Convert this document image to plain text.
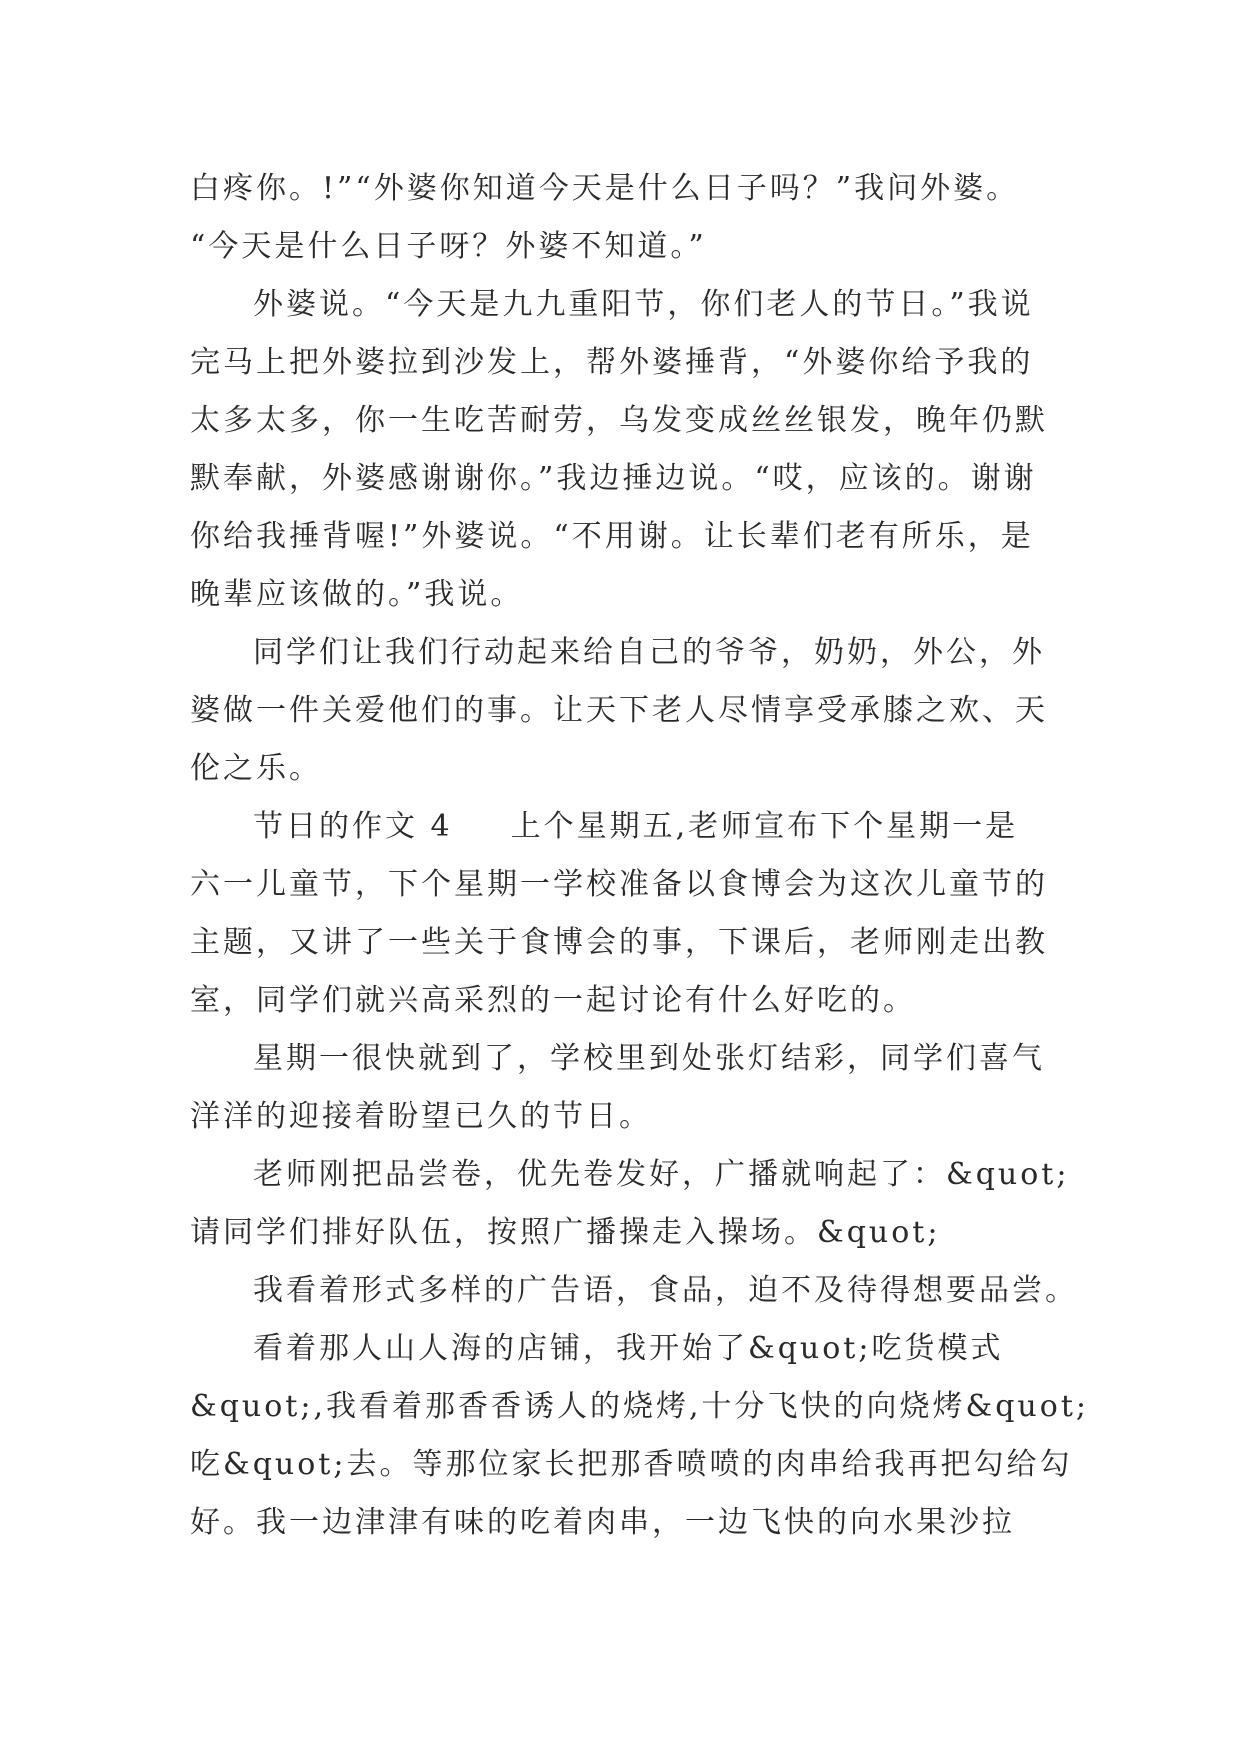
白疼你。!”“外婆你知道今天是什么日子吗？”我问外婆。
“今天是什么日子呀？外婆不知道。”
外婆说。“今天是九九重阳节，你们老人的节日。”我说
完马上把外婆拉到沙发上，帮外婆捶背，“外婆你给予我的
太多太多，你一生吃苦耐劳，乌发变成丝丝银发，晚年仍默
默奉献，外婆感谢谢你。”我边捶边说。“哎，应该的。谢谢
你给我捶背喔!”外婆说。“不用谢。让长辈们老有所乐，是
晚辈应该做的。”我说。
同学们让我们行动起来给自己的爷爷，奶奶，外公，外
婆做一件关爱他们的事。让天下老人尽情享受承膝之欢、天
伦之乐。
节日的作文 4 上个星期五,老师宣布下个星期一是
六一儿童节，下个星期一学校准备以食博会为这次儿童节的
主题，又讲了一些关于食博会的事，下课后，老师刚走出教
室，同学们就兴高采烈的一起讨论有什么好吃的。
星期一很快就到了，学校里到处张灯结彩，同学们喜气
洋洋的迎接着盼望已久的节日。
老师刚把品尝卷，优先卷发好，广播就响起了：&quot;
请同学们排好队伍，按照广播操走入操场。&quot;
我看着形式多样的广告语，食品，迫不及待得想要品尝。
看着那人山人海的店铺，我开始了&quot;吃货模式
&quot;,我看着那香香诱人的烧烤,十分飞快的向烧烤&quot;
吃&quot;去。等那位家长把那香喷喷的肉串给我再把勾给勾
好。我一边津津有味的吃着肉串，一边飞快的向水果沙拉
